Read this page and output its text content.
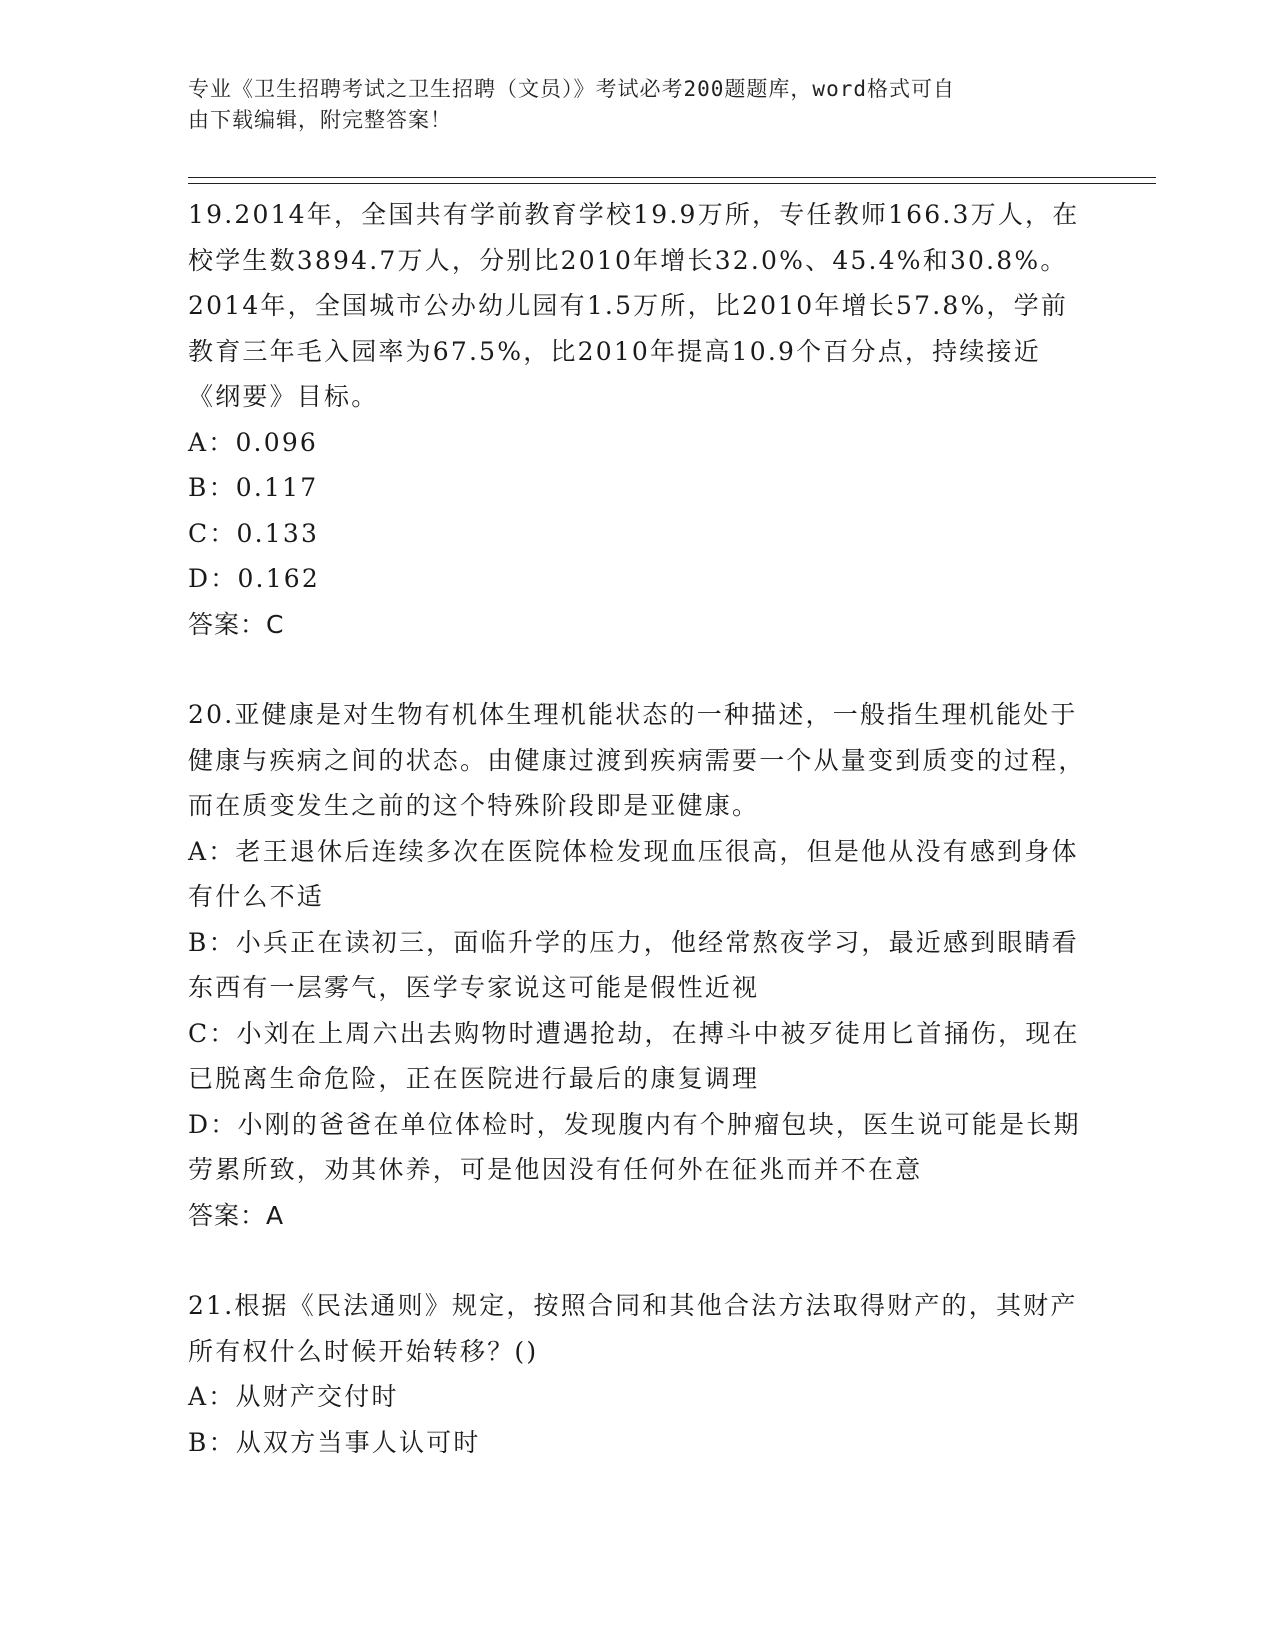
专业《卫生招聘考试之卫生招聘（文员）》考试必考200题题库，word格式可自
由下载编辑，附完整答案！

19.2014年，全国共有学前教育学校19.9万所，专任教师166.3万人，在校学生数3894.7万人，分别比2010年增长32.0%、45.4%和30.8%。2014年，全国城市公办幼儿园有1.5万所，比2010年增长57.8%，学前教育三年毛入园率为67.5%，比2010年提高10.9个百分点，持续接近《纲要》目标。

A：0.096

B：0.117

C：0.133

D：0.162

答案：C

20.亚健康是对生物有机体生理机能状态的一种描述，一般指生理机能处于健康与疾病之间的状态。由健康过渡到疾病需要一个从量变到质变的过程，而在质变发生之前的这个特殊阶段即是亚健康。

A：老王退休后连续多次在医院体检发现血压很高，但是他从没有感到身体有什么不适

B：小兵正在读初三，面临升学的压力，他经常熬夜学习，最近感到眼睛看东西有一层雾气，医学专家说这可能是假性近视

C：小刘在上周六出去购物时遭遇抢劫，在搏斗中被歹徒用匕首捅伤，现在已脱离生命危险，正在医院进行最后的康复调理

D：小刚的爸爸在单位体检时，发现腹内有个肿瘤包块，医生说可能是长期劳累所致，劝其休养，可是他因没有任何外在征兆而并不在意

答案：A

21.根据《民法通则》规定，按照合同和其他合法方法取得财产的，其财产所有权什么时候开始转移？()

A：从财产交付时

B：从双方当事人认可时
